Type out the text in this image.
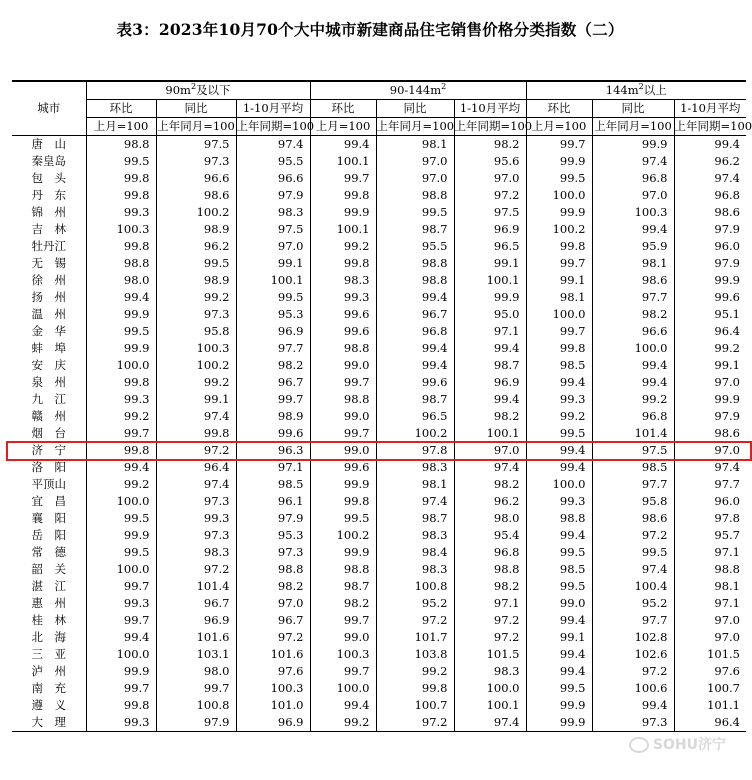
表3：2023年10月70个大中城市新建商品住宅销售价格分类指数（二）
城市	$90m^2$及以下			$90-144m^2$			$144m^2$以上		
	环比	同比	1-10月平均	环比	同比	1-10月平均	环比	同比	1-10月平均
	上月=100	上年同月=100	上年同期=100	上月=100	上年同月=100	上年同期=100	上月=100	上年同月=100	上年同期=100
唐　山	98.8	97.5	97.4	99.4	98.1	98.2	99.7	99.9	99.4
秦皇岛	99.5	97.3	95.5	100.1	97.0	95.6	99.9	97.4	96.2
包　头	99.8	96.6	96.6	99.7	97.0	97.0	99.5	96.8	97.4
丹　东	99.8	98.6	97.9	99.8	98.8	97.2	100.0	97.0	96.8
锦　州	99.3	100.2	98.3	99.9	99.5	97.5	99.9	100.3	98.6
吉　林	100.3	98.9	97.5	100.1	98.7	96.9	100.2	99.4	97.9
牡丹江	99.8	96.2	97.0	99.2	95.5	96.5	99.8	95.9	96.0
无　锡	98.8	99.5	99.1	99.8	98.8	99.1	99.7	98.1	97.9
徐　州	98.0	98.9	100.1	98.3	98.8	100.1	99.1	98.6	99.9
扬　州	99.4	99.2	99.5	99.3	99.4	99.9	98.1	97.7	99.6
温　州	99.9	97.3	95.3	99.6	96.7	95.0	100.0	98.2	95.1
金　华	99.5	95.8	96.9	99.6	96.8	97.1	99.7	96.6	96.4
蚌　埠	99.9	100.3	97.7	98.8	99.4	99.4	99.8	100.0	99.2
安　庆	100.0	100.2	98.2	99.0	99.4	98.7	98.5	99.4	99.1
泉　州	99.8	99.2	96.7	99.7	99.6	96.9	99.4	99.4	97.0
九　江	99.3	99.1	99.7	98.8	98.7	99.4	99.3	99.2	99.9
赣　州	99.2	97.4	98.9	99.0	96.5	98.2	99.2	96.8	97.9
烟　台	99.7	99.8	99.6	99.7	100.2	100.1	99.5	101.4	98.6
济　宁	99.8	97.2	96.3	99.0	97.8	97.0	99.4	97.5	97.0
洛　阳	99.4	96.4	97.1	99.6	98.3	97.4	99.4	98.5	97.4
平顶山	99.2	97.4	98.5	99.9	98.1	98.2	100.0	97.7	97.7
宜　昌	100.0	97.3	96.1	99.8	97.4	96.2	99.3	95.8	96.0
襄　阳	99.5	99.3	97.9	99.5	98.7	98.0	98.8	98.6	97.8
岳　阳	99.9	97.3	95.3	100.2	98.3	95.4	99.4	97.2	95.7
常　德	99.5	98.3	97.3	99.9	98.4	96.8	99.5	99.5	97.1
韶　关	100.0	97.2	98.8	98.8	98.3	98.8	98.5	97.4	98.8
湛　江	99.7	101.4	98.2	98.7	100.8	98.2	99.5	100.4	98.1
惠　州	99.3	96.7	97.0	98.2	95.2	97.1	99.0	95.2	97.1
桂　林	99.7	96.9	96.7	99.7	97.2	97.2	99.4	97.7	97.0
北　海	99.4	101.6	97.2	99.0	101.7	97.2	99.1	102.8	97.0
三　亚	100.0	103.1	101.6	100.3	103.8	101.5	99.4	102.6	101.5
泸　州	99.9	98.0	97.6	99.7	99.2	98.3	99.4	97.2	97.6
南　充	99.7	99.7	100.3	100.0	99.8	100.0	99.5	100.6	100.7
遵　义	99.8	100.8	101.0	99.4	100.7	100.1	99.9	99.4	101.1
大　理	99.3	97.9	96.9	99.2	97.2	97.4	99.9	97.3	96.4
SOHU济宁
